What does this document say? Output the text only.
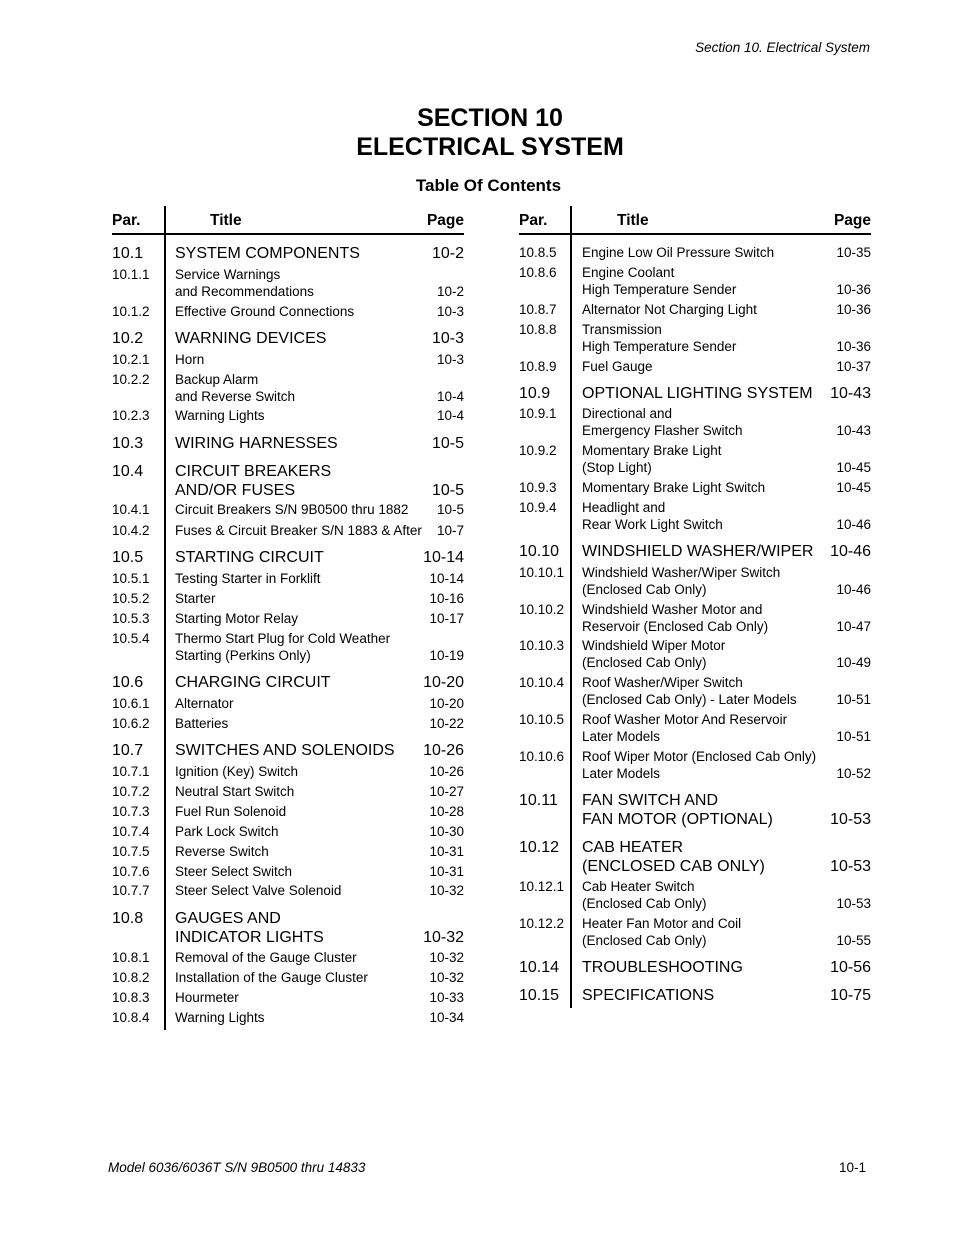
Section 10. Electrical System
SECTION 10
ELECTRICAL SYSTEM
Table Of Contents
Par.	Title	Page
10.1 SYSTEM COMPONENTS	10-2
10.1.1 Service Warnings
and Recommendations	10-2
10.1.2 Effective Ground Connections	10-3
10.2 WARNING DEVICES	10-3
10.2.1 Horn	10-3
10.2.2 Backup Alarm
and Reverse Switch	10-4
10.2.3 Warning Lights	10-4
10.3 WIRING HARNESSES	10-5
10.4 CIRCUIT BREAKERS
AND/OR FUSES	10-5
10.4.1 Circuit Breakers S/N 9B0500 thru 1882 10-5
10.4.2 Fuses & Circuit Breaker S/N 1883 & After 10-7
10.5 STARTING CIRCUIT	10-14
10.5.1 Testing Starter in Forklift	10-14
10.5.2 Starter	10-16
10.5.3 Starting Motor Relay	10-17
10.5.4 Thermo Start Plug for Cold Weather
Starting (Perkins Only)	10-19
10.6 CHARGING CIRCUIT	10-20
10.6.1 Alternator	10-20
10.6.2 Batteries	10-22
10.7 SWITCHES AND SOLENOIDS 10-26
10.7.1 Ignition (Key) Switch	10-26
10.7.2 Neutral Start Switch	10-27
10.7.3 Fuel Run Solenoid	10-28
10.7.4 Park Lock Switch	10-30
10.7.5 Reverse Switch	10-31
10.7.6 Steer Select Switch	10-31
10.7.7 Steer Select Valve Solenoid	10-32
10.8 GAUGES AND
INDICATOR LIGHTS	10-32
10.8.1 Removal of the Gauge Cluster	10-32
10.8.2 Installation of the Gauge Cluster	10-32
10.8.3 Hourmeter	10-33
10.8.4 Warning Lights	10-34
Par.	Title	Page
10.8.5 Engine Low Oil Pressure Switch	10-35
10.8.6 Engine Coolant
High Temperature Sender	10-36
10.8.7 Alternator Not Charging Light	10-36
10.8.8 Transmission
High Temperature Sender	10-36
10.8.9 Fuel Gauge	10-37
10.9 OPTIONAL LIGHTING SYSTEM 10-43
10.9.1 Directional and
Emergency Flasher Switch	10-43
10.9.2 Momentary Brake Light
(Stop Light)	10-45
10.9.3 Momentary Brake Light Switch	10-45
10.9.4 Headlight and
Rear Work Light Switch	10-46
10.10 WINDSHIELD WASHER/WIPER 10-46
10.10.1 Windshield Washer/Wiper Switch
(Enclosed Cab Only)	10-46
10.10.2 Windshield Washer Motor and
Reservoir (Enclosed Cab Only)	10-47
10.10.3 Windshield Wiper Motor
(Enclosed Cab Only)	10-49
10.10.4 Roof Washer/Wiper Switch
(Enclosed Cab Only) - Later Models	10-51
10.10.5 Roof Washer Motor And Reservoir
Later Models	10-51
10.10.6 Roof Wiper Motor (Enclosed Cab Only)
Later Models	10-52
10.11 FAN SWITCH AND
FAN MOTOR (OPTIONAL)	10-53
10.12 CAB HEATER
(ENCLOSED CAB ONLY)	10-53
10.12.1 Cab Heater Switch
(Enclosed Cab Only)	10-53
10.12.2 Heater Fan Motor and Coil
(Enclosed Cab Only)	10-55
10.14 TROUBLESHOOTING	10-56
10.15 SPECIFICATIONS	10-75
Model 6036/6036T S/N 9B0500 thru 14833	10-1
